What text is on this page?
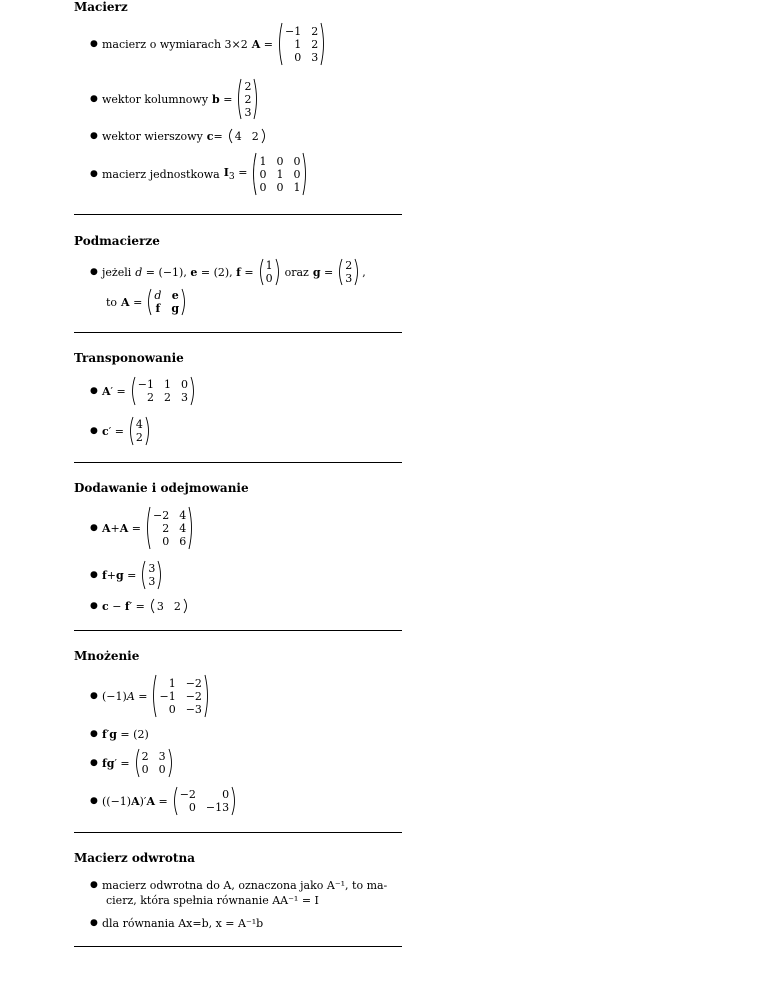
Macierz

● macierz o wymiarach 3×2 A =
−1 2
1 2
0 3
● wektor kolumnowy b =
2
2
3
● wektor wierszowy c= 4 2
● macierz jednostkowa $I_3$ =
1 0 0
0 1 0
0 0 1

Podmacierze

● jeżeli d = (−1), e = (2), f = 1
0 oraz g = 2
3 ,
to A = d e
f g

Transponowanie

● A′ = −1 1 0
2 2 3
● c′ = 4
2

Dodawanie i odejmowanie

● A+A =
−2 4
2 4
0 6
● f+g = 3
3
● c − f′ = 3 2

Mnożenie

● (−1)A =
1 −2
−1 −2
0 −3
● f′g = (2)
● fg′ = 2 3
0 0
● ((−1)A)′A = −2	0
0 −13

Macierz odwrotna

● macierz odwrotna do A, oznaczona jako A⁻¹, to ma-
cierz, która spełnia równanie AA⁻¹ = I
● dla równania Ax=b, x = A⁻¹b
